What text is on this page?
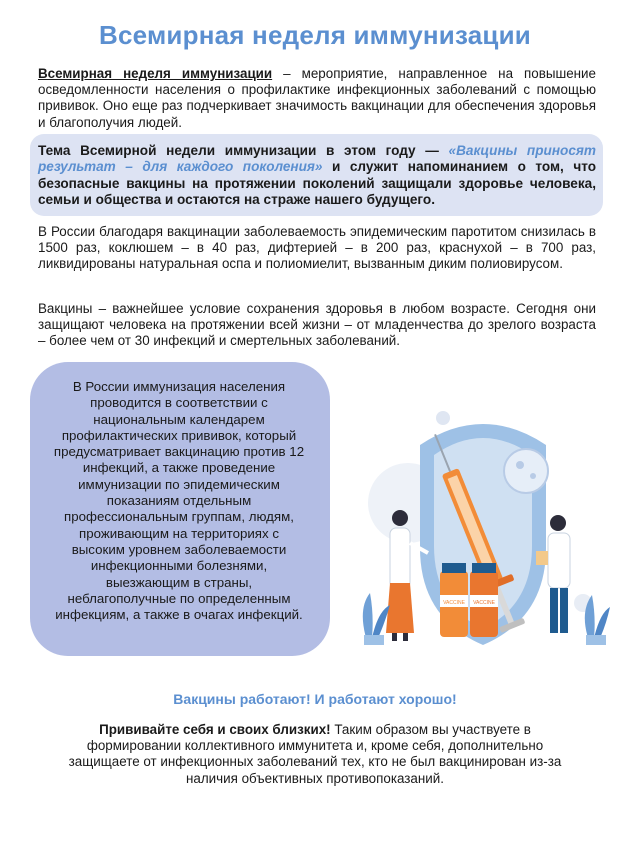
Всемирная неделя иммунизации

Всемирная неделя иммунизации – мероприятие, направленное на повышение осведомленности населения о профилактике инфекционных заболеваний с помощью прививок. Оно еще раз подчеркивает значимость вакцинации для обеспечения здоровья и благополучия людей.

Тема Всемирной недели иммунизации в этом году — «Вакцины приносят результат – для каждого поколения» и служит напоминанием о том, что безопасные вакцины на протяжении поколений защищали здоровье человека, семьи и общества и остаются на страже нашего будущего.

В России благодаря вакцинации заболеваемость эпидемическим паротитом снизилась в 1500 раз, коклюшем – в 40 раз, дифтерией – в 200 раз, краснухой – в 700 раз, ликвидированы натуральная оспа и полиомиелит, вызванным диким полиовирусом.

Вакцины – важнейшее условие сохранения здоровья в любом возрасте. Сегодня они защищают человека на протяжении всей жизни – от младенчества до зрелого возраста – более чем от 30 инфекций и смертельных заболеваний.

В России иммунизация населения проводится в соответствии с национальным календарем профилактических прививок, который предусматривает вакцинацию против 12 инфекций, а также проведение иммунизации по эпидемическим показаниям отдельным профессиональным группам, людям, проживающим на территориях с высоким уровнем заболеваемости инфекционными болезнями, выезжающим в страны, неблагополучные по определенным инфекциям, а также в очагах инфекций.

VACCINE VACCINE

Вакцины работают! И работают хорошо!

Прививайте себя и своих близких! Таким образом вы участвуете в формировании коллективного иммунитета и, кроме себя, дополнительно защищаете от инфекционных заболеваний тех, кто не был вакцинирован из-за наличия объективных противопоказаний.
